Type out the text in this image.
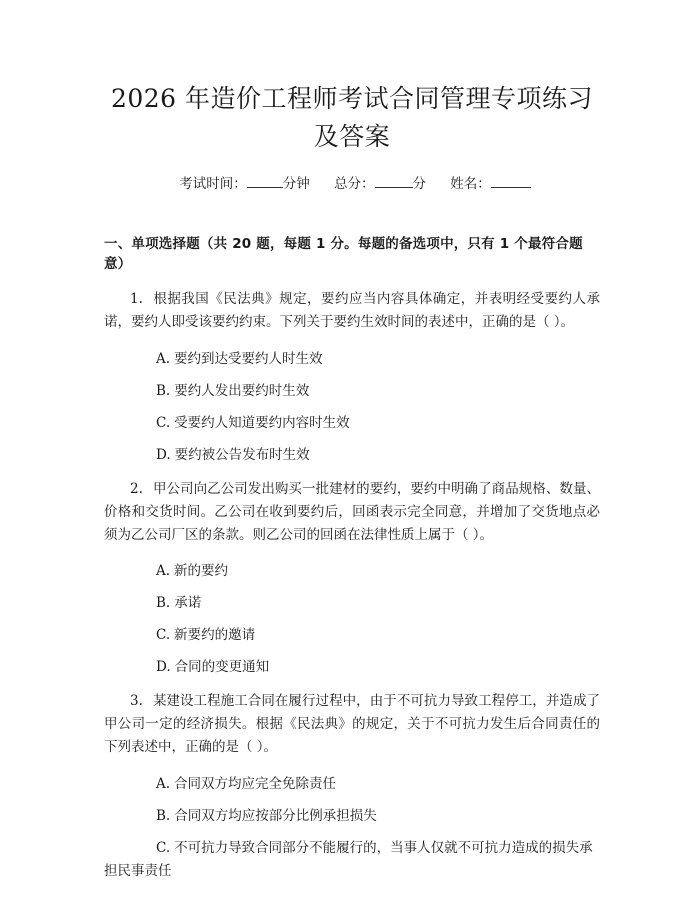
2026 年造价工程师考试合同管理专项练习及答案
考试时间：	分钟 总分：	分 姓名：
一、单项选择题（共 20 题，每题 1 分。每题的备选项中，只有 1 个最符合题意）

1. 根据我国《民法典》规定，要约应当内容具体确定，并表明经受要约人承诺，要约人即受该要约约束。下列关于要约生效时间的表述中，正确的是（ ）。

A. 要约到达受要约人时生效
B. 要约人发出要约时生效
C. 受要约人知道要约内容时生效
D. 要约被公告发布时生效

2. 甲公司向乙公司发出购买一批建材的要约，要约中明确了商品规格、数量、价格和交货时间。乙公司在收到要约后，回函表示完全同意，并增加了交货地点必须为乙公司厂区的条款。则乙公司的回函在法律性质上属于（ ）。

A. 新的要约
B. 承诺
C. 新要约的邀请
D. 合同的变更通知

3. 某建设工程施工合同在履行过程中，由于不可抗力导致工程停工，并造成了甲公司一定的经济损失。根据《民法典》的规定，关于不可抗力发生后合同责任的下列表述中，正确的是（ ）。

A. 合同双方均应完全免除责任
B. 合同双方均应按部分比例承担损失
C. 不可抗力导致合同部分不能履行的，当事人仅就不可抗力造成的损失承担民事责任
